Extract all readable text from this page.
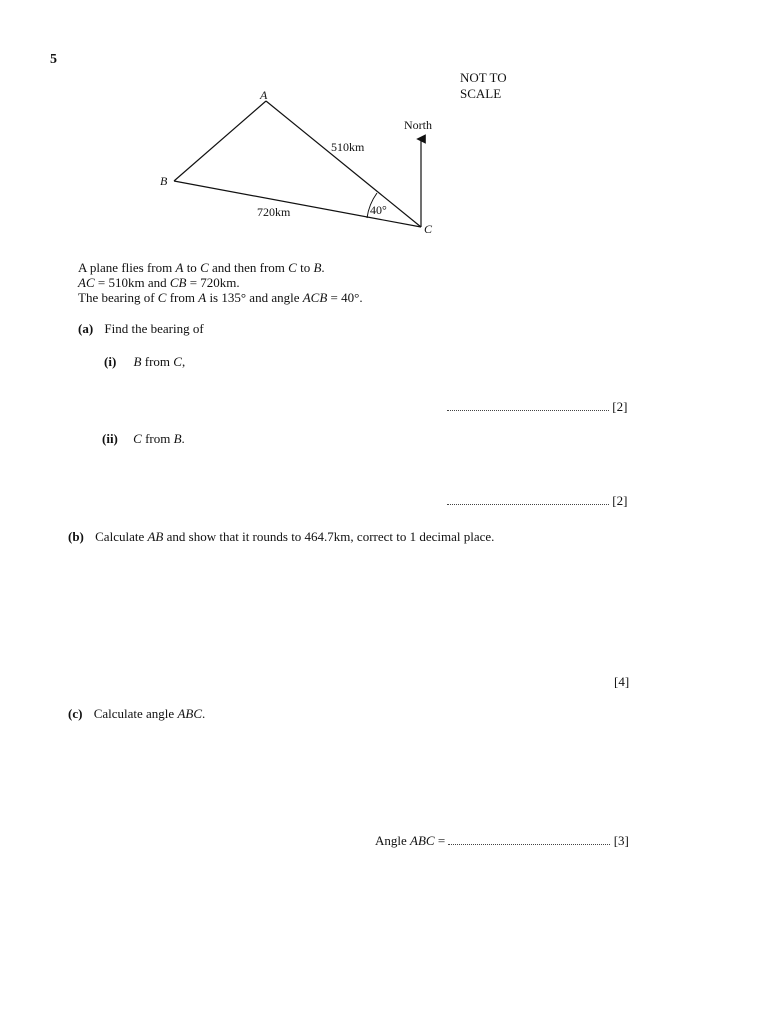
5
NOT TO
SCALE
A
B
C
North
510km
720km	40°
A plane flies from A to C and then from C to B.
AC = 510km and CB = 720km.
The bearing of C from A is 135° and angle ACB = 40°.
(a) Find the bearing of
(i) B from C,
[2]
(ii) C from B.
[2]
(b) Calculate AB and show that it rounds to 464.7km, correct to 1 decimal place.
[4]
(c) Calculate angle ABC.
Angle ABC =	[3]
